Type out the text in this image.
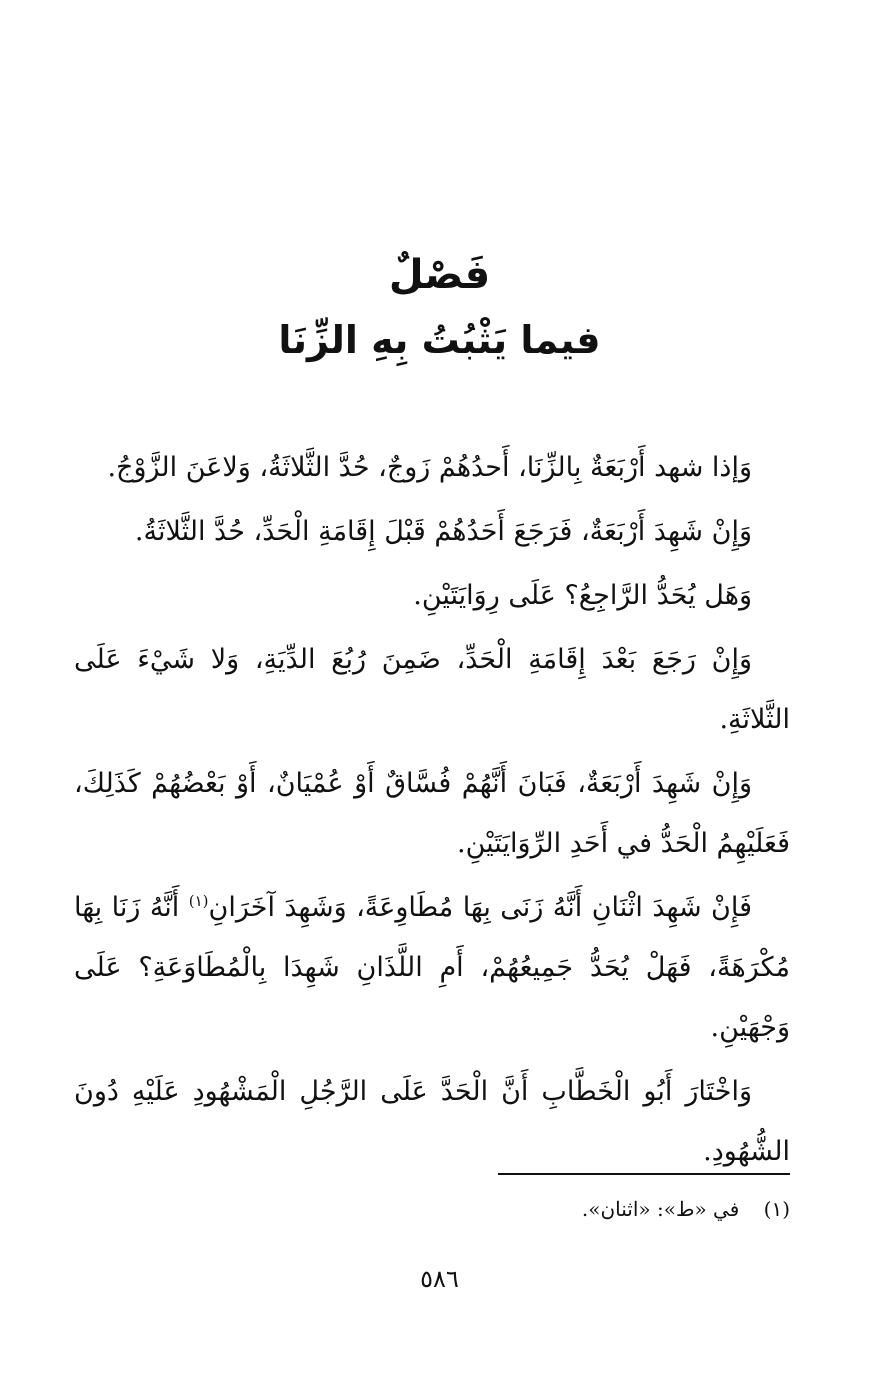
فَصْلٌ
فيما يَثْبُتُ بِهِ الزِّنَا

وَإذا شهد أَرْبَعَةٌ بِالزِّنَا، أَحدُهُمْ زَوجٌ، حُدَّ الثَّلاثَةُ، وَلاعَنَ الزَّوْجُ.

وَإِنْ شَهِدَ أَرْبَعَةٌ، فَرَجَعَ أَحَدُهُمْ قَبْلَ إِقَامَةِ الْحَدِّ، حُدَّ الثَّلاثَةُ.

وَهَل يُحَدُّ الرَّاجِعُ؟ عَلَى رِوَايَتَيْنِ.

وَإِنْ رَجَعَ بَعْدَ إِقَامَةِ الْحَدِّ، ضَمِنَ رُبُعَ الدِّيَةِ، وَلا شَيْءَ عَلَى الثَّلاثَةِ.

وَإِنْ شَهِدَ أَرْبَعَةٌ، فَبَانَ أَنَّهُمْ فُسَّاقٌ أَوْ عُمْيَانٌ، أَوْ بَعْضُهُمْ كَذَلِكَ، فَعَلَيْهِمُ الْحَدُّ في أَحَدِ الرِّوَايَتَيْنِ.

فَإِنْ شَهِدَ اثْنَانِ أَنَّهُ زَنَى بِهَا مُطَاوِعَةً، وَشَهِدَ آخَرَانِ$^{(١)}$ أَنَّهُ زَنَا بِهَا مُكْرَهَةً، فَهَلْ يُحَدُّ جَمِيعُهُمْ، أَمِ اللَّذَانِ شَهِدَا بِالْمُطَاوَعَةِ؟ عَلَى وَجْهَيْنِ.

وَاخْتَارَ أَبُو الْخَطَّابِ أَنَّ الْحَدَّ عَلَى الرَّجُلِ الْمَشْهُودِ عَلَيْهِ دُونَ الشُّهُودِ.

(١) في «ط»: «اثنان».
٥٨٦
